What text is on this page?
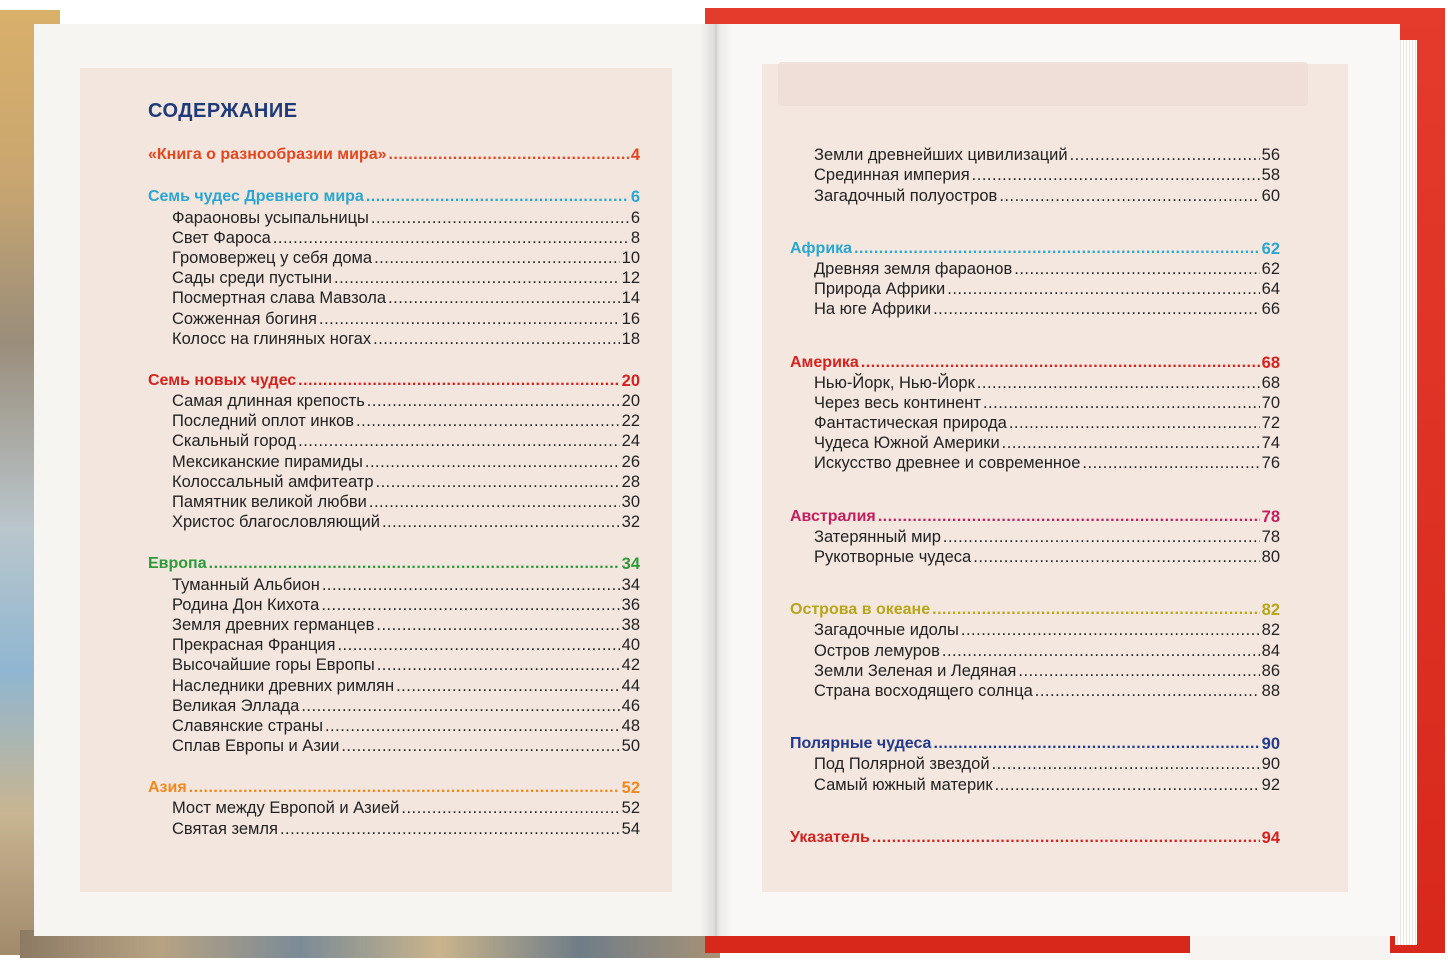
СОДЕРЖАНИЕ
«Книга о разнообразии мира» .....	4
Семь чудес Древнего мира .....	6
Фараоновы усыпальницы .....	6
Свет Фароса .....	8
Громовержец у себя дома .....	10
Сады среди пустыни .....	12
Посмертная слава Мавзола .....	14
Сожженная богиня .....	16
Колосс на глиняных ногах .....	18
Семь новых чудес .....	20
Самая длинная крепость .....	20
Последний оплот инков .....	22
Скальный город .....	24
Мексиканские пирамиды .....	26
Колоссальный амфитеатр .....	28
Памятник великой любви .....	30
Христос благословляющий .....	32
Европа .....	34
Туманный Альбион .....	34
Родина Дон Кихота .....	36
Земля древних германцев .....	38
Прекрасная Франция .....	40
Высочайшие горы Европы .....	42
Наследники древних римлян .....	44
Великая Эллада .....	46
Славянские страны .....	48
Сплав Европы и Азии .....	50
Азия .....	52
Мост между Европой и Азией .....	52
Святая земля .....	54
Земли древнейших цивилизаций .....	56
Срединная империя .....	58
Загадочный полуостров .....	60
Африка .....	62
Древняя земля фараонов .....	62
Природа Африки .....	64
На юге Африки .....	66
Америка .....	68
Нью-Йорк, Нью-Йорк .....	68
Через весь континент .....	70
Фантастическая природа .....	72
Чудеса Южной Америки .....	74
Искусство древнее и современное .....	76
Австралия .....	78
Затерянный мир .....	78
Рукотворные чудеса .....	80
Острова в океане .....	82
Загадочные идолы .....	82
Остров лемуров .....	84
Земли Зеленая и Ледяная .....	86
Страна восходящего солнца .....	88
Полярные чудеса .....	90
Под Полярной звездой .....	90
Самый южный материк .....	92
Указатель .....	94
